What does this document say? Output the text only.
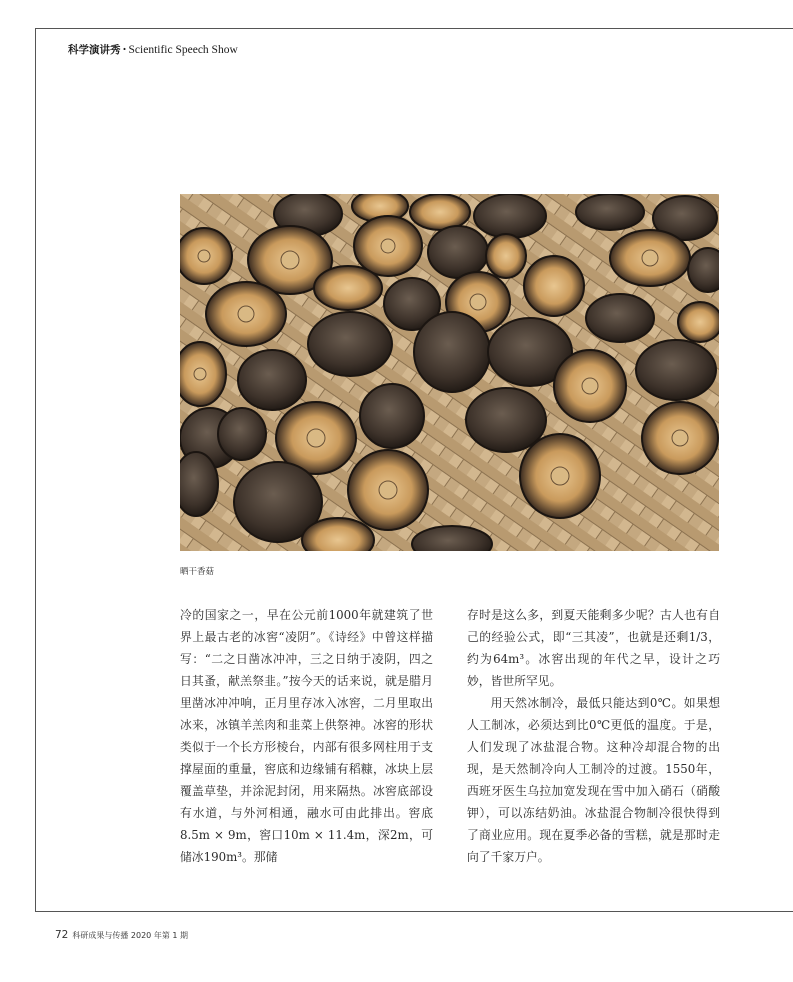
科学演讲秀 · Scientific Speech Show
晒干香菇

冷的国家之一，早在公元前1000年就建筑了世界上最古老的冰窖“凌阴”。《诗经》中曾这样描写：“二之日凿冰冲冲，三之日纳于凌阴，四之日其蚤，献羔祭韭。”按今天的话来说，就是腊月里凿冰冲冲响，正月里存冰入冰窖，二月里取出冰来，冰镇羊羔肉和韭菜上供祭神。冰窖的形状类似于一个长方形棱台，内部有很多网柱用于支撑屋面的重量，窖底和边缘铺有稻糠，冰块上层覆盖草垫，并涂泥封闭，用来隔热。冰窖底部设有水道，与外河相通，融水可由此排出。窖底8.5m × 9m，窖口10m × 11.4m，深2m，可储冰190m³。那储

存时是这么多，到夏天能剩多少呢？古人也有自己的经验公式，即“三其凌”，也就是还剩1/3，约为64m³。冰窖出现的年代之早，设计之巧妙，皆世所罕见。

用天然冰制冷，最低只能达到0℃。如果想人工制冰，必须达到比0℃更低的温度。于是，人们发现了冰盐混合物。这种冷却混合物的出现，是天然制冷向人工制冷的过渡。1550年，西班牙医生乌拉加宽发现在雪中加入硝石（硝酸钾），可以冻结奶油。冰盐混合物制冷很快得到了商业应用。现在夏季必备的雪糕，就是那时走向了千家万户。

72 科研成果与传播 2020 年第 1 期
